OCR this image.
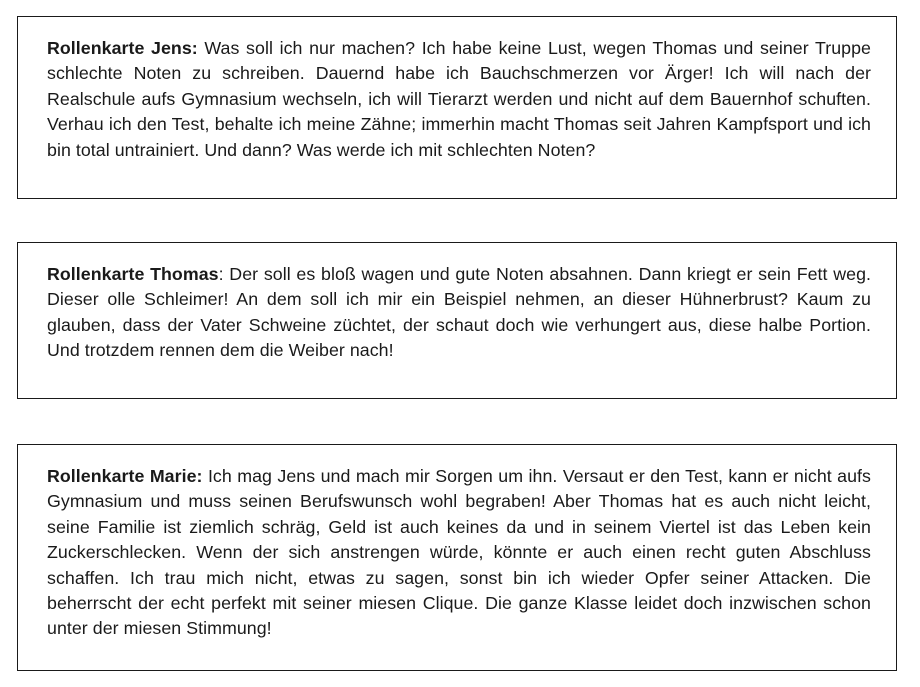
Rollenkarte Jens: Was soll ich nur machen? Ich habe keine Lust, wegen Thomas und seiner Truppe schlechte Noten zu schreiben. Dauernd habe ich Bauchschmerzen vor Ärger! Ich will nach der Realschule aufs Gymnasium wechseln, ich will Tierarzt werden und nicht auf dem Bauernhof schuften. Verhau ich den Test, behalte ich meine Zähne; immerhin macht Thomas seit Jahren Kampfsport und ich bin total untrainiert. Und dann? Was werde ich mit schlechten Noten?

Rollenkarte Thomas: Der soll es bloß wagen und gute Noten absahnen. Dann kriegt er sein Fett weg. Dieser olle Schleimer! An dem soll ich mir ein Beispiel nehmen, an dieser Hühnerbrust? Kaum zu glauben, dass der Vater Schweine züchtet, der schaut doch wie verhungert aus, diese halbe Portion. Und trotzdem rennen dem die Weiber nach!

Rollenkarte Marie: Ich mag Jens und mach mir Sorgen um ihn. Versaut er den Test, kann er nicht aufs Gymnasium und muss seinen Berufswunsch wohl begraben! Aber Thomas hat es auch nicht leicht, seine Familie ist ziemlich schräg, Geld ist auch keines da und in seinem Viertel ist das Leben kein Zuckerschlecken. Wenn der sich anstrengen würde, könnte er auch einen recht guten Abschluss schaffen. Ich trau mich nicht, etwas zu sagen, sonst bin ich wieder Opfer seiner Attacken. Die beherrscht der echt perfekt mit seiner miesen Clique. Die ganze Klasse leidet doch inzwischen schon unter der miesen Stimmung!
